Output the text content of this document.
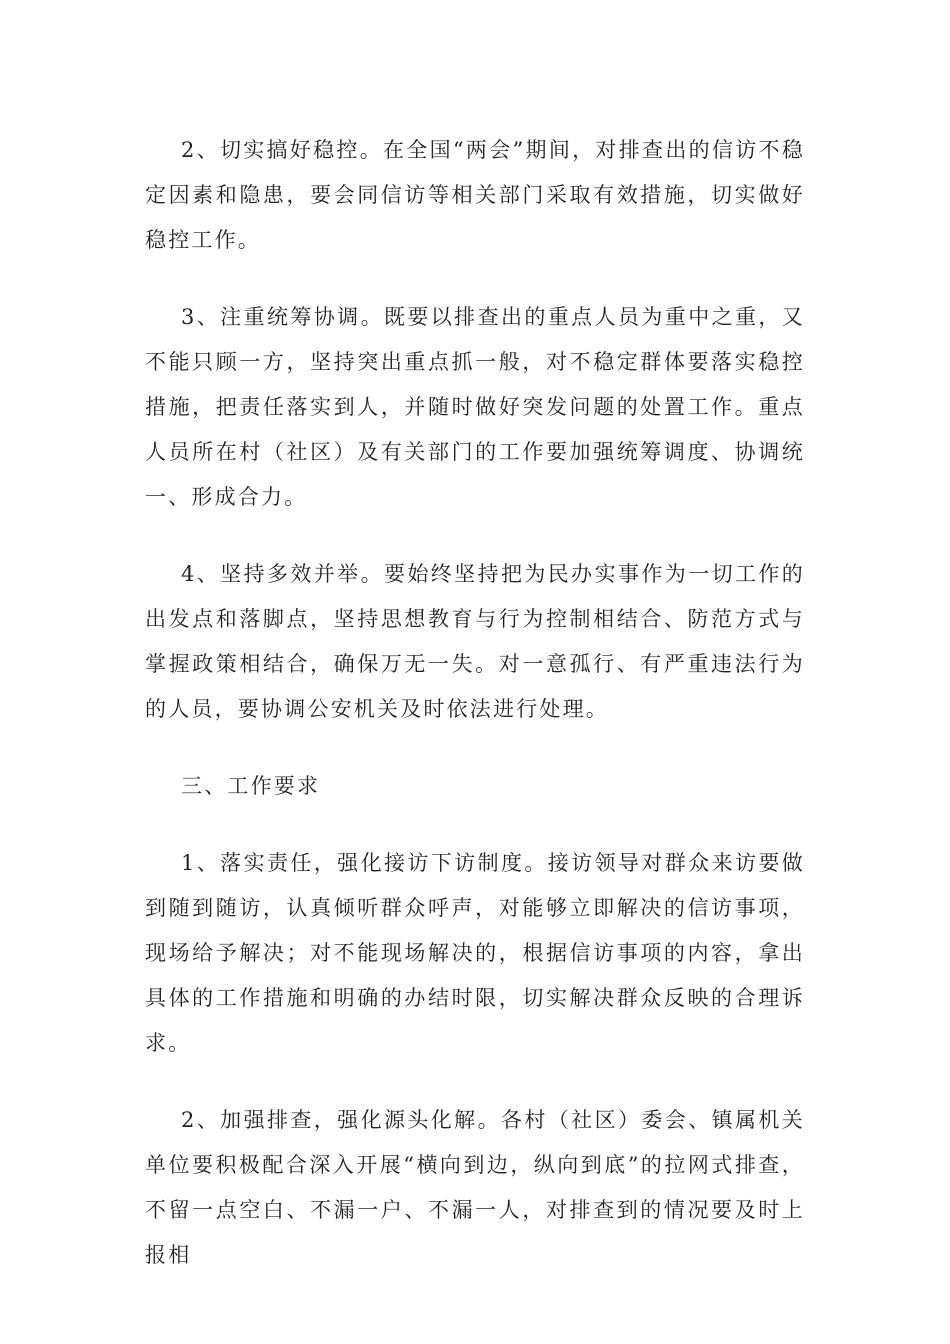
2、切实搞好稳控。在全国“两会”期间，对排查出的信访不稳定因素和隐患，要会同信访等相关部门采取有效措施，切实做好稳控工作。

3、注重统筹协调。既要以排查出的重点人员为重中之重，又不能只顾一方，坚持突出重点抓一般，对不稳定群体要落实稳控措施，把责任落实到人，并随时做好突发问题的处置工作。重点人员所在村（社区）及有关部门的工作要加强统筹调度、协调统一、形成合力。

4、坚持多效并举。要始终坚持把为民办实事作为一切工作的出发点和落脚点，坚持思想教育与行为控制相结合、防范方式与掌握政策相结合，确保万无一失。对一意孤行、有严重违法行为的人员，要协调公安机关及时依法进行处理。

三、工作要求

1、落实责任，强化接访下访制度。接访领导对群众来访要做到随到随访，认真倾听群众呼声，对能够立即解决的信访事项，现场给予解决；对不能现场解决的，根据信访事项的内容，拿出具体的工作措施和明确的办结时限，切实解决群众反映的合理诉求。

2、加强排查，强化源头化解。各村（社区）委会、镇属机关单位要积极配合深入开展“横向到边，纵向到底”的拉网式排查，不留一点空白、不漏一户、不漏一人，对排查到的情况要及时上报相
